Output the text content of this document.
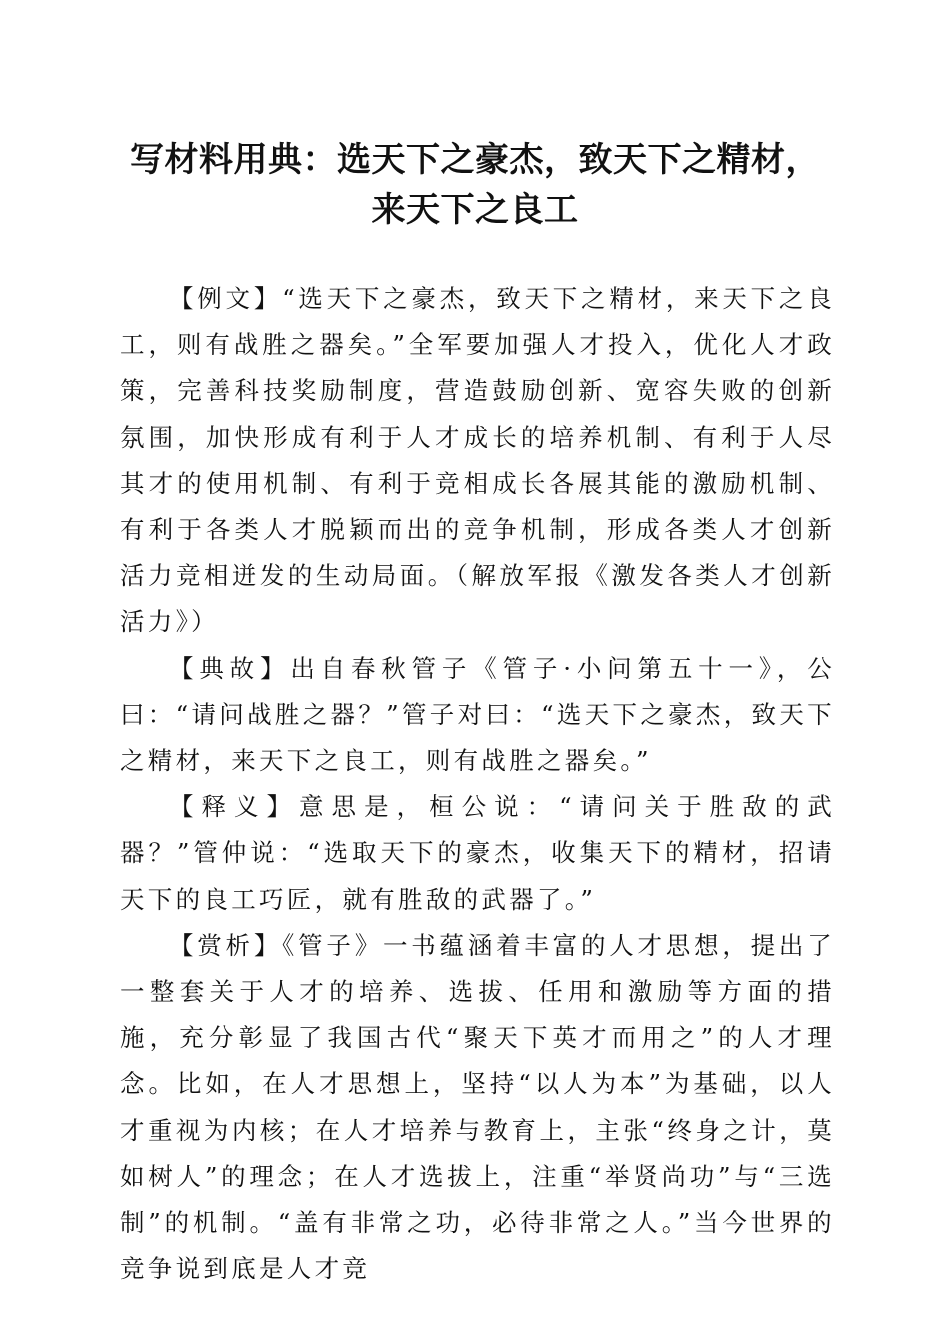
写材料用典：选天下之豪杰，致天下之精材，
来天下之良工

【例文】“选天下之豪杰，致天下之精材，来天下之良工，则有战胜之器矣。”全军要加强人才投入，优化人才政策，完善科技奖励制度，营造鼓励创新、宽容失败的创新氛围，加快形成有利于人才成长的培养机制、有利于人尽其才的使用机制、有利于竞相成长各展其能的激励机制、有利于各类人才脱颖而出的竞争机制，形成各类人才创新活力竞相迸发的生动局面。（解放军报《激发各类人才创新活力》）

【典故】出自春秋管子《管子·小问第五十一》，公曰：“请问战胜之器？”管子对曰：“选天下之豪杰，致天下之精材，来天下之良工，则有战胜之器矣。”

【释义】意思是，桓公说：“请问关于胜敌的武器？”管仲说：“选取天下的豪杰，收集天下的精材，招请天下的良工巧匠，就有胜敌的武器了。”

【赏析】《管子》一书蕴涵着丰富的人才思想，提出了一整套关于人才的培养、选拔、任用和激励等方面的措施，充分彰显了我国古代“聚天下英才而用之”的人才理念。比如，在人才思想上，坚持“以人为本”为基础，以人才重视为内核；在人才培养与教育上，主张“终身之计，莫如树人”的理念；在人才选拔上，注重“举贤尚功”与“三选制”的机制。“盖有非常之功，必待非常之人。”当今世界的竞争说到底是人才竞
